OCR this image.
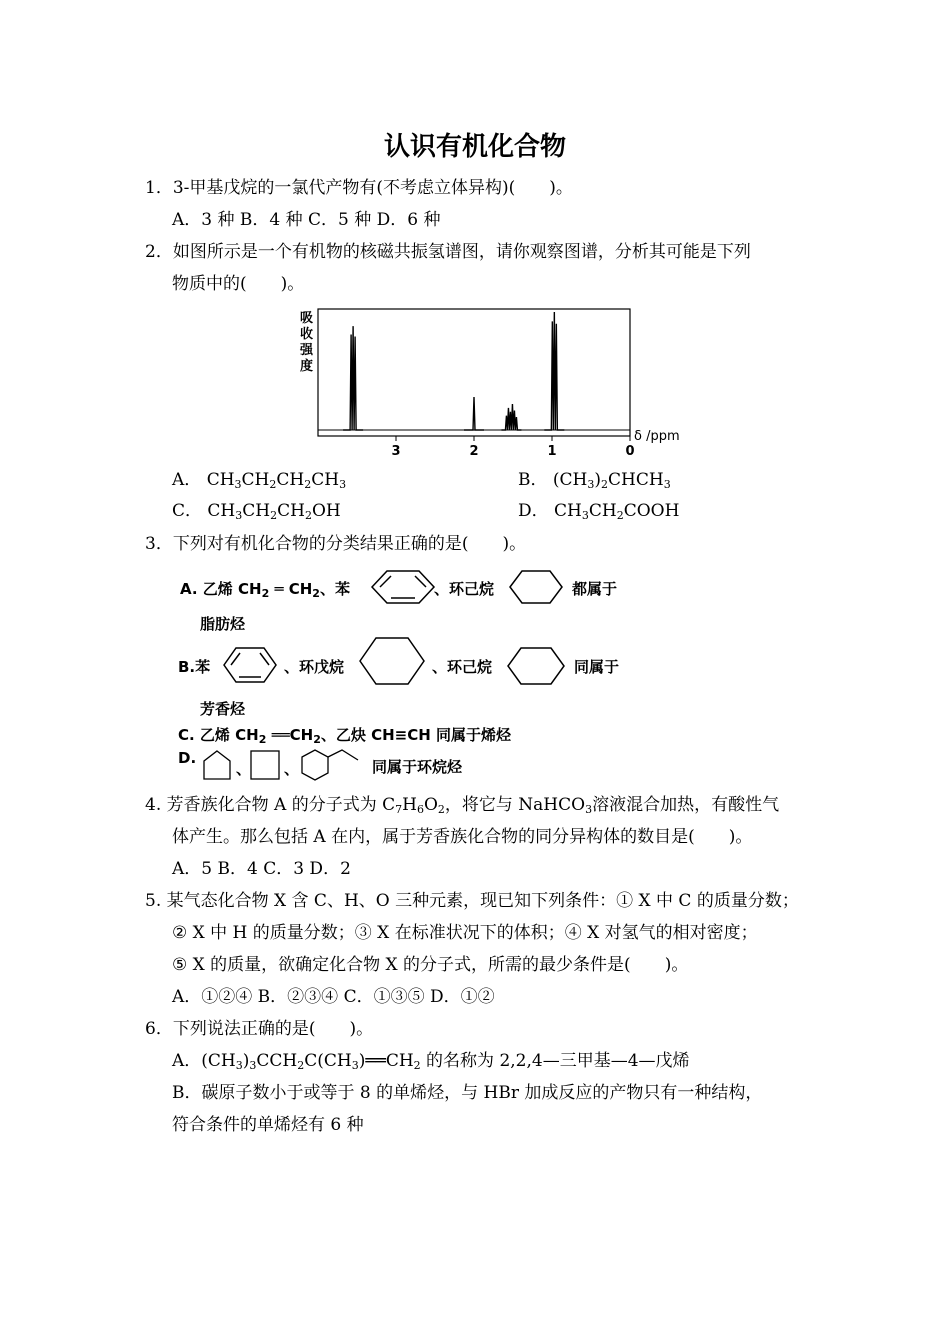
认识有机化合物
1．3-甲基戊烷的一氯代产物有(不考虑立体异构)(　　)。
A．3 种 B．4 种 C．5 种 D．6 种
2．如图所示是一个有机物的核磁共振氢谱图，请你观察图谱，分析其可能是下列
物质中的(　　)。
吸
收
强
度
3	2	1	0
δ /ppm
A． $CH_3CH_2CH_2CH_3$	B． $(CH_3)_2CHCH_3$
C． $CH_3CH_2CH_2OH$	D． $CH_3CH_2COOH$
3．下列对有机化合物的分类结果正确的是(　　)。
A. 乙烯 $CH_2$ ═ $CH_2$、苯	、环己烷	都属于
脂肪烃
B.苯	、环戊烷	、环己烷	同属于
芳香烃
C. 乙烯 $CH_2$ $══CH_2$、乙炔 CH≡CH 同属于烯烃
D.
、 、	同属于环烷烃
4. 芳香族化合物 A 的分子式为 $C_7H_6O_2$，将它与 NaHCO$_3$溶液混合加热，有酸性气
体产生。那么包括 A 在内，属于芳香族化合物的同分异构体的数目是(　　)。
A．5 B．4 C．3 D．2
5. 某气态化合物 X 含 C、H、O 三种元素，现已知下列条件：① X 中 C 的质量分数；
② X 中 H 的质量分数；③ X 在标准状况下的体积；④ X 对氢气的相对密度；
⑤ X 的质量，欲确定化合物 X 的分子式，所需的最少条件是(　　)。
A．①②④ B．②③④ C．①③⑤ D．①②
6．下列说法正确的是(　　)。
A．$(CH_3)_3CCH_2C(CH_3)══CH_2$ 的名称为 2,2,4—三甲基—4—戊烯
B．碳原子数小于或等于 8 的单烯烃，与 HBr 加成反应的产物只有一种结构，
符合条件的单烯烃有 6 种
